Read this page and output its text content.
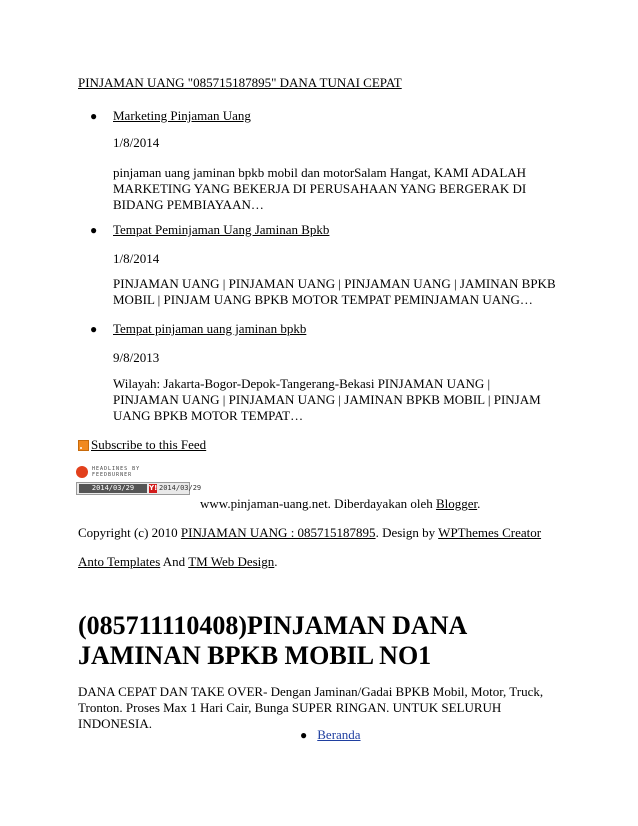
PINJAMAN UANG "085715187895" DANA TUNAI CEPAT
● Marketing Pinjaman Uang
1/8/2014
pinjaman uang jaminan bpkb mobil dan motorSalam Hangat, KAMI ADALAH MARKETING YANG BEKERJA DI PERUSAHAAN YANG BERGERAK DI BIDANG PEMBIAYAAN…
● Tempat Peminjaman Uang Jaminan Bpkb
1/8/2014
PINJAMAN UANG | PINJAMAN UANG | PINJAMAN UANG | JAMINAN BPKB MOBIL | PINJAM UANG BPKB MOTOR TEMPAT PEMINJAMAN UANG…
● Tempat pinjaman uang jaminan bpkb
9/8/2013
Wilayah: Jakarta-Bogor-Depok-Tangerang-Bekasi PINJAMAN UANG | PINJAMAN UANG | PINJAMAN UANG | JAMINAN BPKB MOBIL | PINJAM UANG BPKB MOTOR TEMPAT…
Subscribe to this Feed
HEADLINES BY
FEEDBURNER
2014/03/29	Y! 2014/03/29
www.pinjaman-uang.net. Diberdayakan oleh Blogger.
Copyright (c) 2010 PINJAMAN UANG : 085715187895. Design by WPThemes Creator
Anto Templates And TM Web Design.
(085711110408)PINJAMAN DANA JAMINAN BPKB MOBIL NO1
DANA CEPAT DAN TAKE OVER- Dengan Jaminan/Gadai BPKB Mobil, Motor, Truck, Tronton. Proses Max 1 Hari Cair, Bunga SUPER RINGAN. UNTUK SELURUH INDONESIA.
● Beranda
